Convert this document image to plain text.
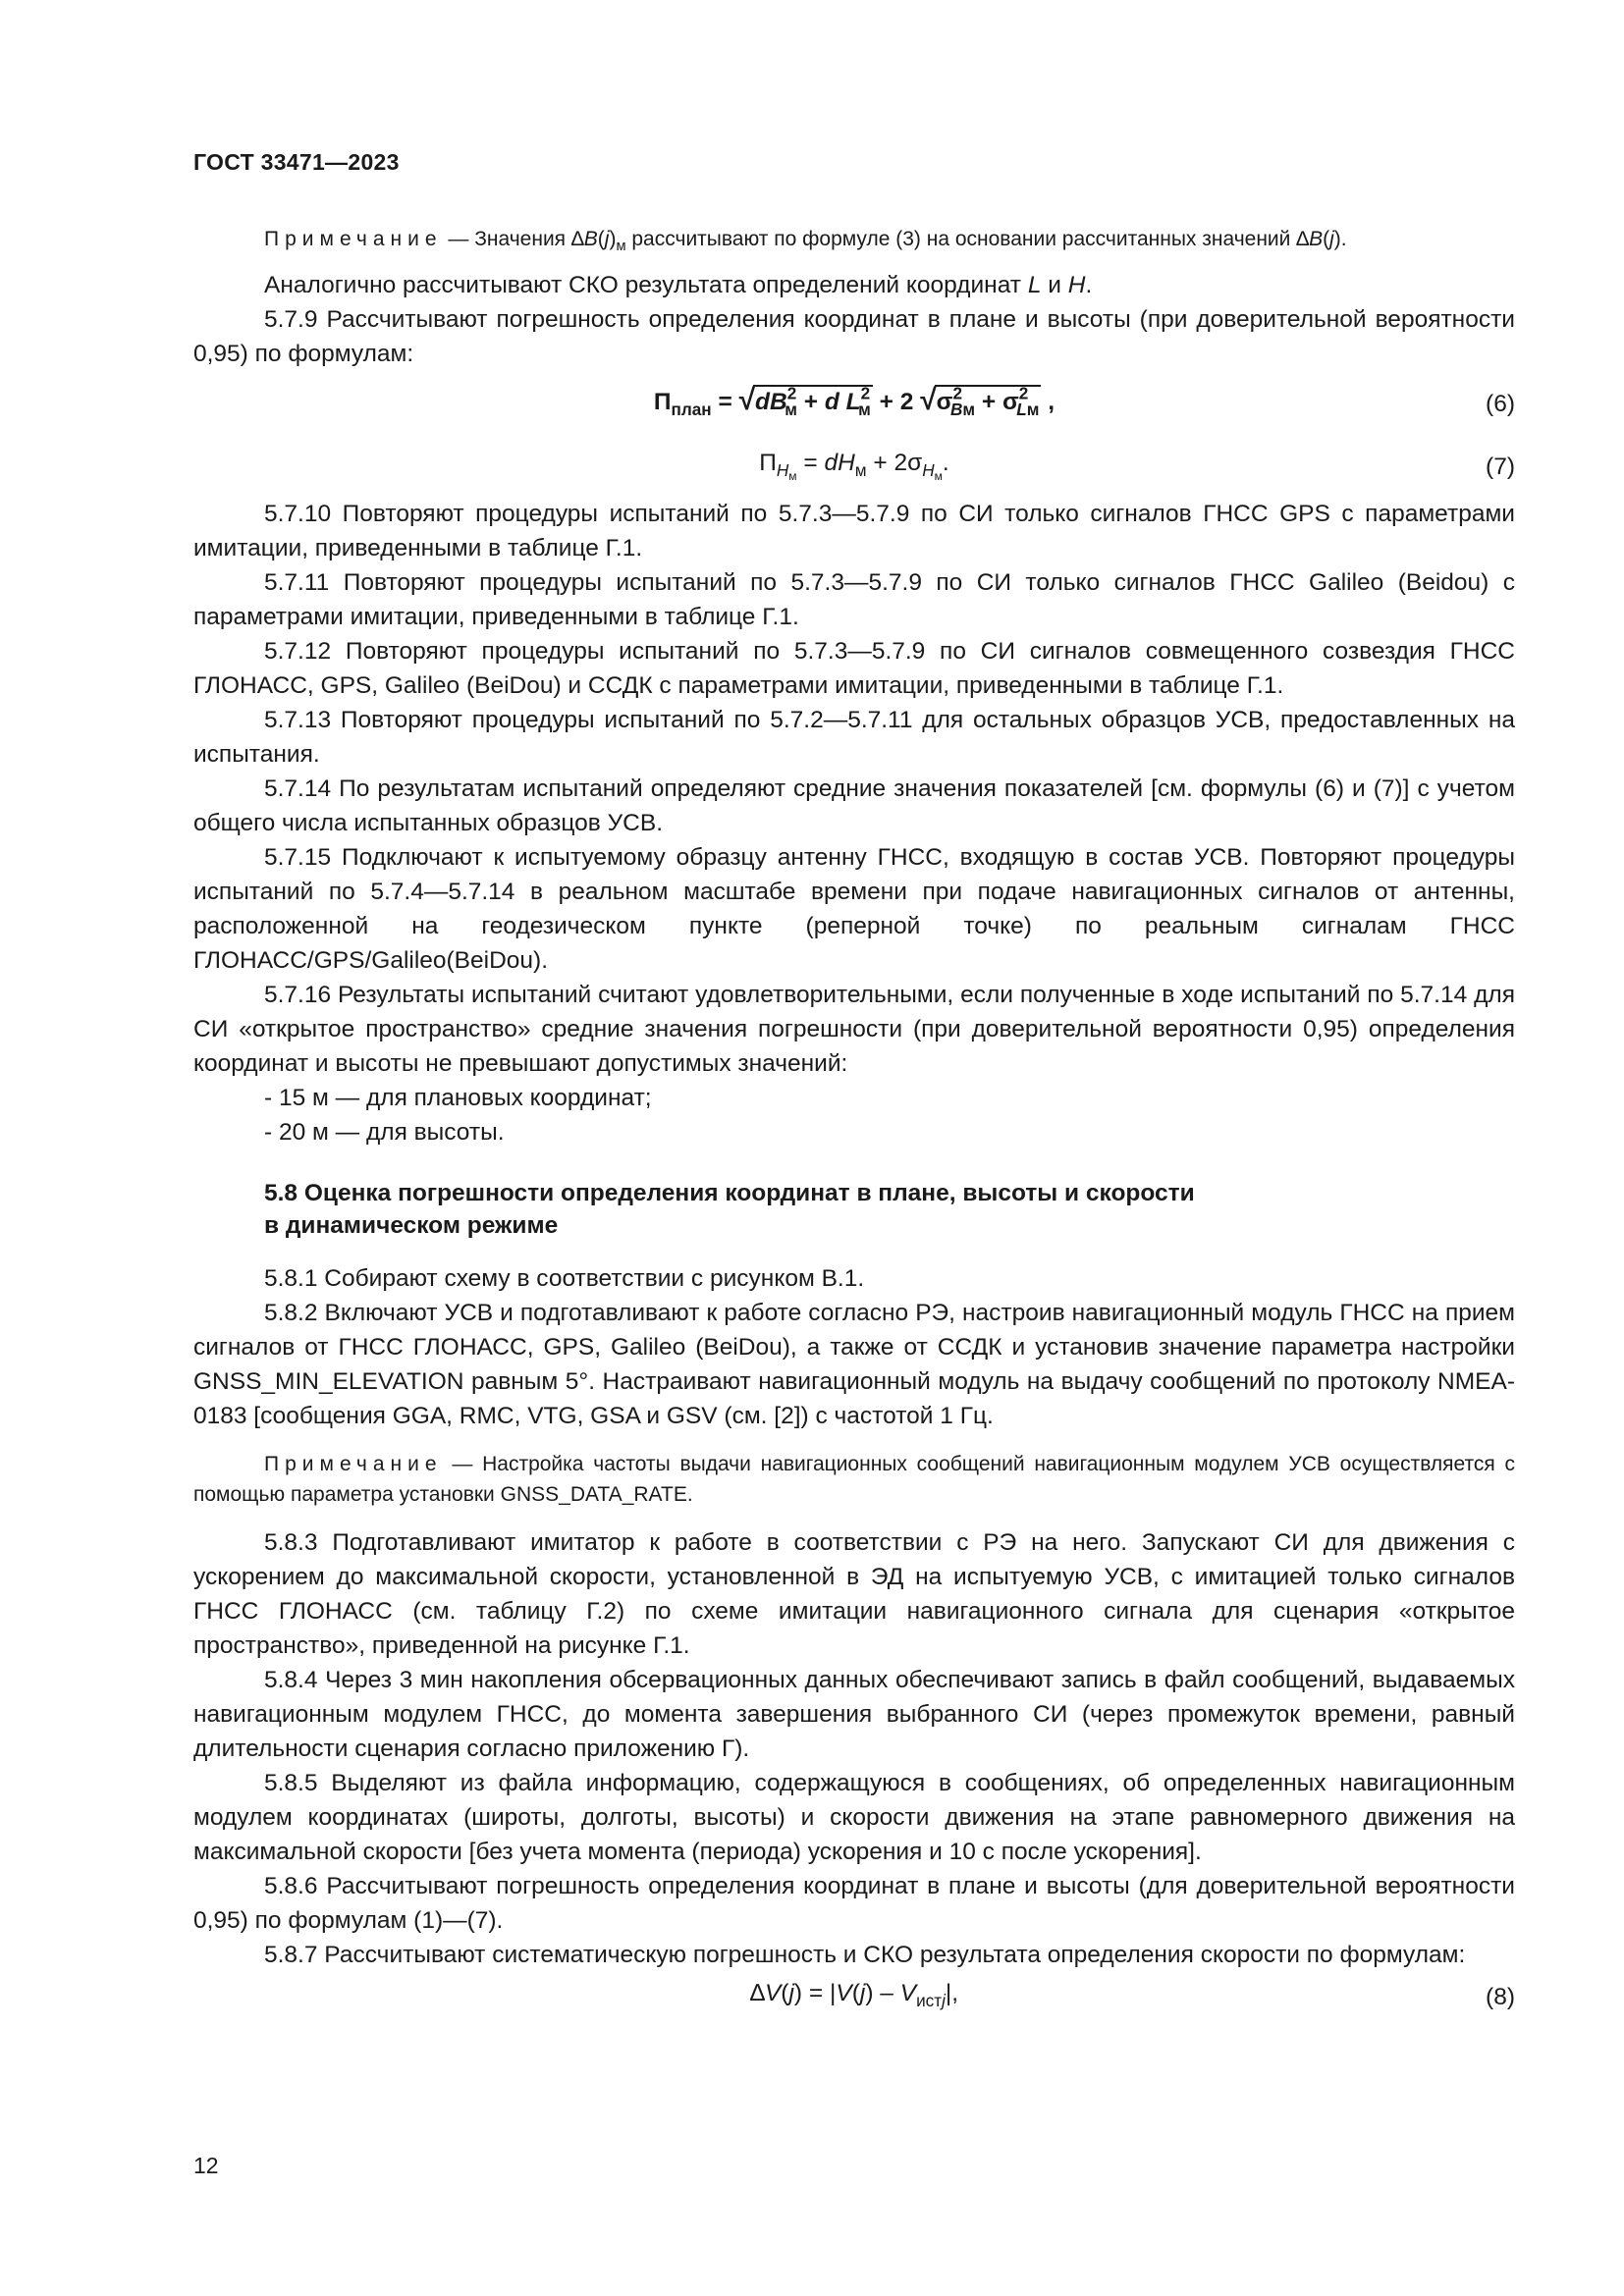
ГОСТ 33471—2023

Примечание — Значения $\Delta B(j)_м$ рассчитывают по формуле (3) на основании рассчитанных значений ∆B(j).

Аналогично рассчитывают СКО результата определений координат L и H.

5.7.9 Рассчитывают погрешность определения координат в плане и высоты (при доверительной вероятности 0,95) по формулам:

$П_{план} = √dB^2_м + d$ $L^2_м + 2$ $√\sigma^2_{Bм} + \sigma^2_{Lм}$ ,	(6)
$П_{H_м} = dH_м + 2\sigma_{H_м}$.	(7)

5.7.10 Повторяют процедуры испытаний по 5.7.3—5.7.9 по СИ только сигналов ГНСС GPS с параметрами имитации, приведенными в таблице Г.1.

5.7.11 Повторяют процедуры испытаний по 5.7.3—5.7.9 по СИ только сигналов ГНСС Galileo (Beidou) с параметрами имитации, приведенными в таблице Г.1.

5.7.12 Повторяют процедуры испытаний по 5.7.3—5.7.9 по СИ сигналов совмещенного созвездия ГНСС ГЛОНАСС, GPS, Galileo (BeiDou) и ССДК с параметрами имитации, приведенными в таблице Г.1.

5.7.13 Повторяют процедуры испытаний по 5.7.2—5.7.11 для остальных образцов УСВ, предоставленных на испытания.

5.7.14 По результатам испытаний определяют средние значения показателей [см. формулы (6) и (7)] с учетом общего числа испытанных образцов УСВ.

5.7.15 Подключают к испытуемому образцу антенну ГНСС, входящую в состав УСВ. Повторяют процедуры испытаний по 5.7.4—5.7.14 в реальном масштабе времени при подаче навигационных сигналов от антенны, расположенной на геодезическом пункте (реперной точке) по реальным сигналам ГНСС ГЛОНАСС/GPS/Galileo(BeiDou).

5.7.16 Результаты испытаний считают удовлетворительными, если полученные в ходе испытаний по 5.7.14 для СИ «открытое пространство» средние значения погрешности (при доверительной вероятности 0,95) определения координат и высоты не превышают допустимых значений:

- 15 м — для плановых координат;

- 20 м — для высоты.

5.8 Оценка погрешности определения координат в плане, высоты и скорости
в динамическом режиме

5.8.1 Собирают схему в соответствии с рисунком В.1.

5.8.2 Включают УСВ и подготавливают к работе согласно РЭ, настроив навигационный модуль ГНСС на прием сигналов от ГНСС ГЛОНАСС, GPS, Galileo (BeiDou), а также от ССДК и установив значение параметра настройки GNSS_MIN_ELEVATION равным 5°. Настраивают навигационный модуль на выдачу сообщений по протоколу NMEA-0183 [сообщения GGA, RMC, VTG, GSA и GSV (см. [2]) с частотой 1 Гц.

Примечание — Настройка частоты выдачи навигационных сообщений навигационным модулем УСВ осуществляется с помощью параметра установки GNSS_DATA_RATE.

5.8.3 Подготавливают имитатор к работе в соответствии с РЭ на него. Запускают СИ для движения с ускорением до максимальной скорости, установленной в ЭД на испытуемую УСВ, с имитацией только сигналов ГНСС ГЛОНАСС (см. таблицу Г.2) по схеме имитации навигационного сигнала для сценария «открытое пространство», приведенной на рисунке Г.1.

5.8.4 Через 3 мин накопления обсервационных данных обеспечивают запись в файл сообщений, выдаваемых навигационным модулем ГНСС, до момента завершения выбранного СИ (через промежуток времени, равный длительности сценария согласно приложению Г).

5.8.5 Выделяют из файла информацию, содержащуюся в сообщениях, об определенных навигационным модулем координатах (широты, долготы, высоты) и скорости движения на этапе равномерного движения на максимальной скорости [без учета момента (периода) ускорения и 10 с после ускорения].

5.8.6 Рассчитывают погрешность определения координат в плане и высоты (для доверительной вероятности 0,95) по формулам (1)—(7).

5.8.7 Рассчитывают систематическую погрешность и СКО результата определения скорости по формулам:

$\Delta V(j) = |V(j) - V_{истj}|$,	(8)
12
